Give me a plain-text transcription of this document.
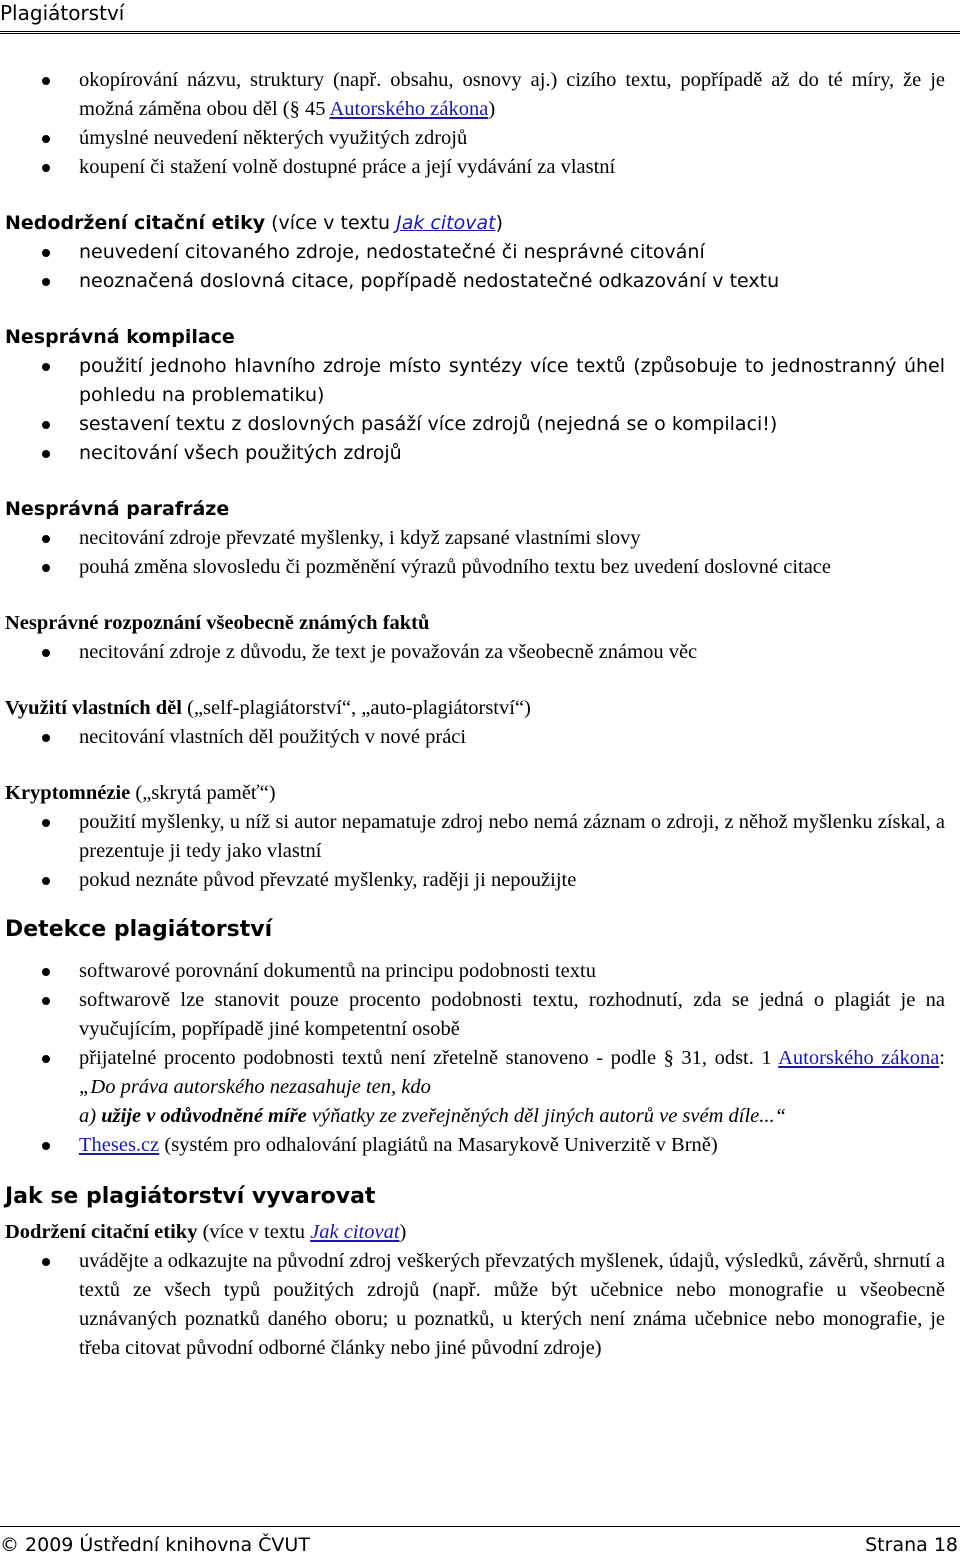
Plagiátorství
okopírování názvu, struktury (např. obsahu, osnovy aj.) cizího textu, popřípadě až do té míry, že je možná záměna obou děl (§ 45 Autorského zákona)
úmyslné neuvedení některých využitých zdrojů
koupení či stažení volně dostupné práce a její vydávání za vlastní
Nedodržení citační etiky (více v textu Jak citovat)
neuvedení citovaného zdroje, nedostatečné či nesprávné citování
neoznačená doslovná citace, popřípadě nedostatečné odkazování v textu
Nesprávná kompilace
použití jednoho hlavního zdroje místo syntézy více textů (způsobuje to jednostranný úhel pohledu na problematiku)
sestavení textu z doslovných pasáží více zdrojů (nejedná se o kompilaci!)
necitování všech použitých zdrojů
Nesprávná parafráze
necitování zdroje převzaté myšlenky, i když zapsané vlastními slovy
pouhá změna slovosledu či pozměnění výrazů původního textu bez uvedení doslovné citace
Nesprávné rozpoznání všeobecně známých faktů
necitování zdroje z důvodu, že text je považován za všeobecně známou věc
Využití vlastních děl („self-plagiátorství“, „auto-plagiátorství“)
necitování vlastních děl použitých v nové práci
Kryptomnézie („skrytá paměť“)
použití myšlenky, u níž si autor nepamatuje zdroj nebo nemá záznam o zdroji, z něhož myšlenku získal, a prezentuje ji tedy jako vlastní
pokud neznáte původ převzaté myšlenky, raději ji nepoužijte
Detekce plagiátorství
softwarové porovnání dokumentů na principu podobnosti textu
softwarově lze stanovit pouze procento podobnosti textu, rozhodnutí, zda se jedná o plagiát je na vyučujícím, popřípadě jiné kompetentní osobě
přijatelné procento podobnosti textů není zřetelně stanoveno - podle § 31, odst. 1 Autorského zákona: „Do práva autorského nezasahuje ten, kdo
a) užije v odůvodněné míře výňatky ze zveřejněných děl jiných autorů ve svém díle...“
Theses.cz (systém pro odhalování plagiátů na Masarykově Univerzitě v Brně)
Jak se plagiátorství vyvarovat
Dodržení citační etiky (více v textu Jak citovat)
uvádějte a odkazujte na původní zdroj veškerých převzatých myšlenek, údajů, výsledků, závěrů, shrnutí a textů ze všech typů použitých zdrojů (např. může být učebnice nebo monografie u všeobecně uznávaných poznatků daného oboru; u poznatků, u kterých není známa učebnice nebo monografie, je třeba citovat původní odborné články nebo jiné původní zdroje)
© 2009 Ústřední knihovna ČVUT	Strana 18
